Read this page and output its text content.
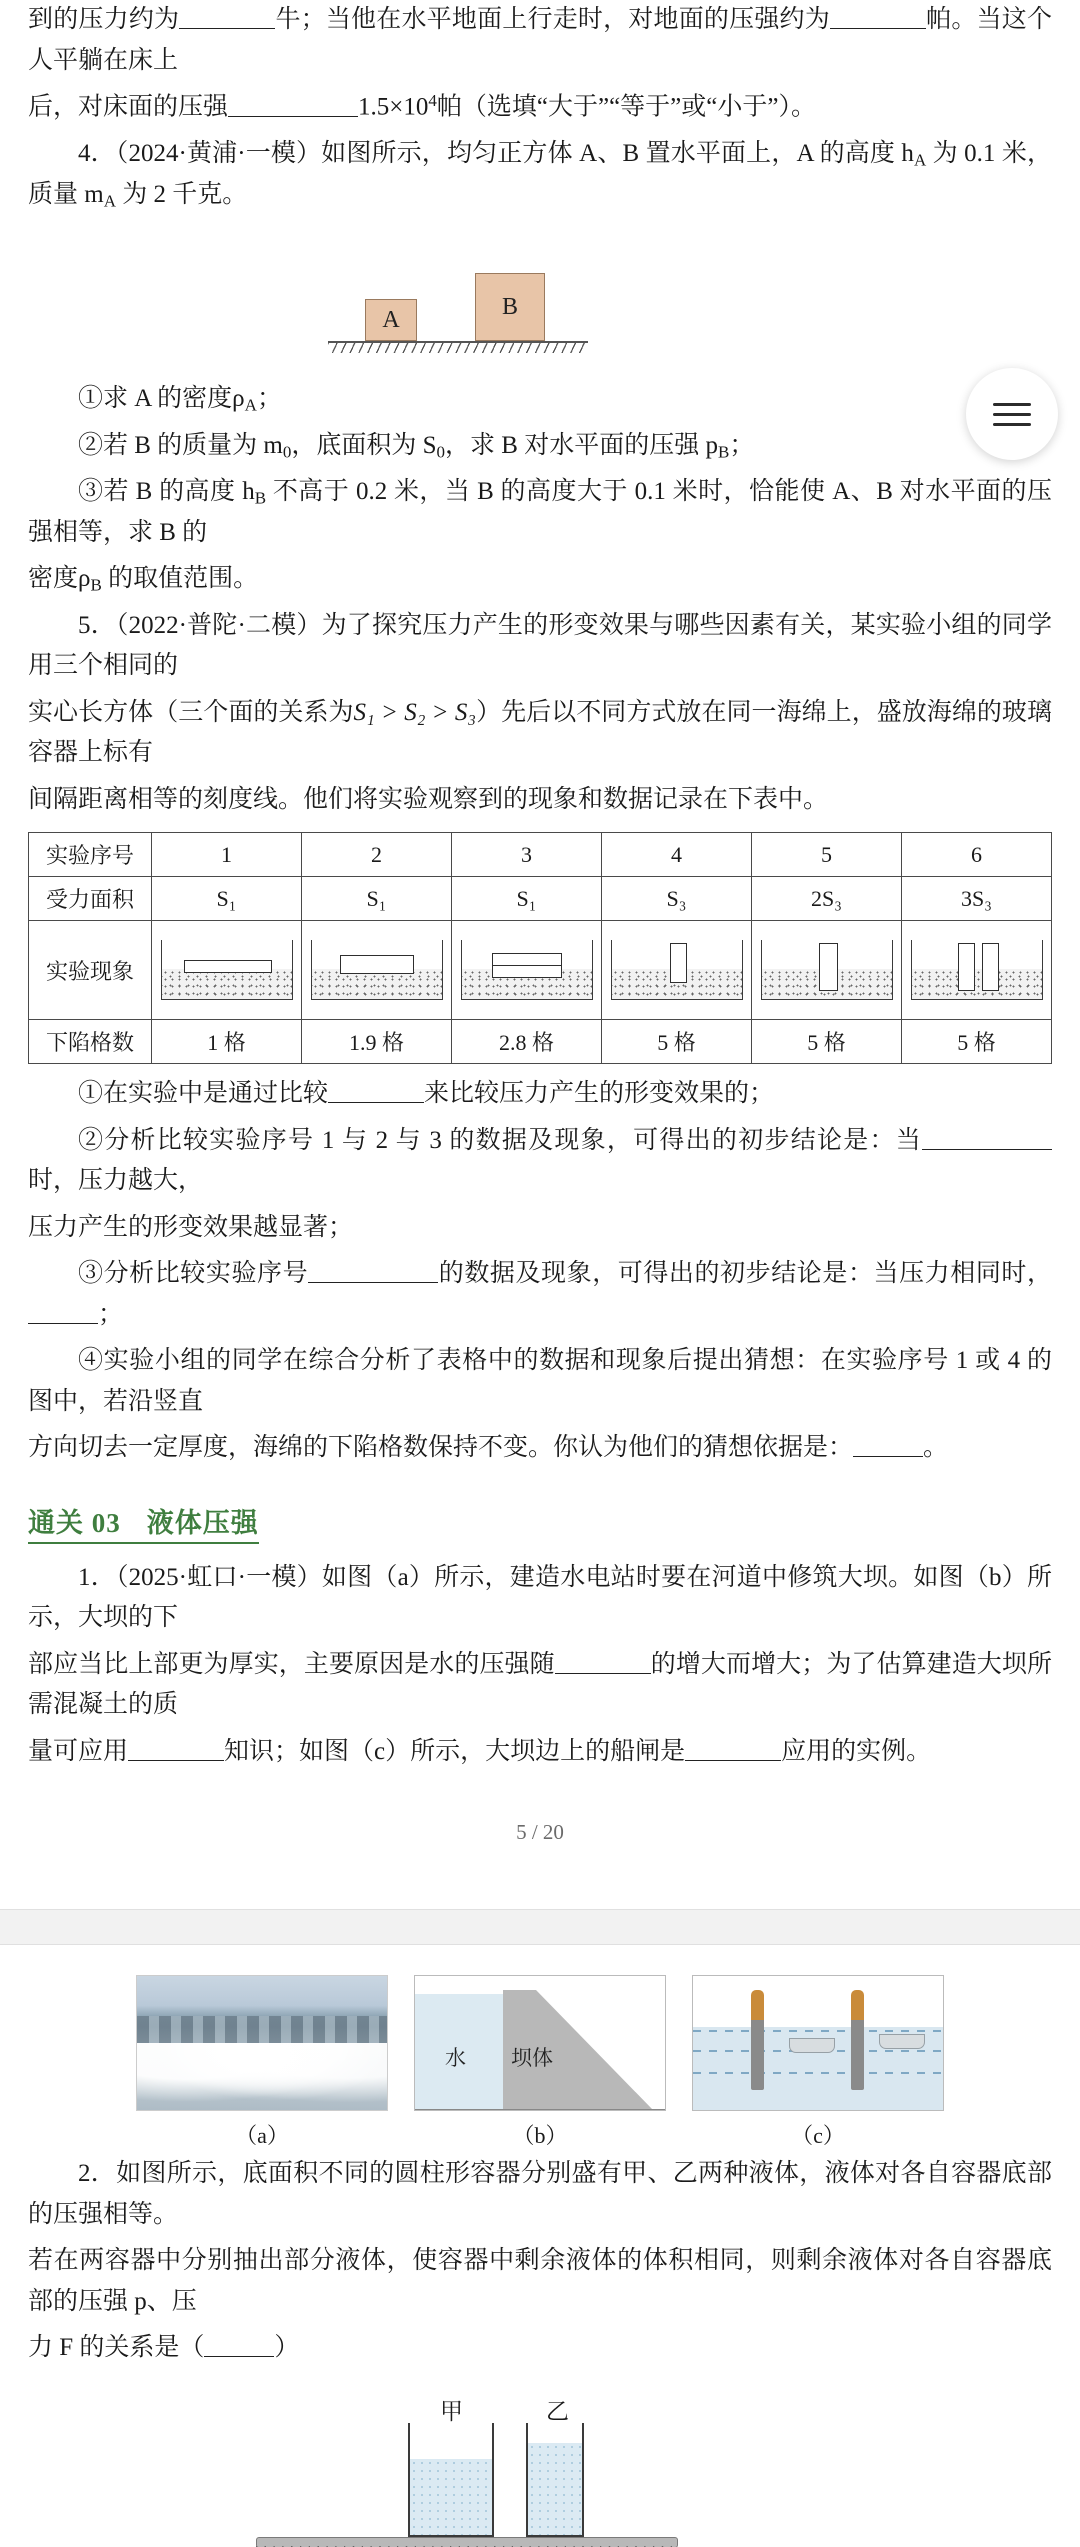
到的压力约为	牛；当他在水平地面上行走时，对地面的压强约为	帕。当这个人平躺在床上

后，对床面的压强	$1.5\times 10^4$帕（选填“大于”“等于”或“小于”）。

4．（2024·黄浦·一模）如图所示，均匀正方体 A、B 置水平面上，A 的高度 $h_A$ 为 0.1 米，质量 $m_A$ 为 2 千克。

A	B

①求 A 的密度$\rho_A$；

②若 B 的质量为 $m_0$，底面积为 $S_0$，求 B 对水平面的压强 $p_B$；

③若 B 的高度 $h_B$ 不高于 0.2 米，当 B 的高度大于 0.1 米时，恰能使 A、B 对水平面的压强相等，求 B 的

密度$\rho_B$ 的取值范围。

5．（2022·普陀·二模）为了探究压力产生的形变效果与哪些因素有关，某实验小组的同学用三个相同的

实心长方体（三个面的关系为S₁ > S₂ > S₃）先后以不同方式放在同一海绵上，盛放海绵的玻璃容器上标有

间隔距离相等的刻度线。他们将实验观察到的现象和数据记录在下表中。

实验序号	1	2	3	4	5	6
受力面积	S₁	S₁	S₁	S₃	2S₃	3S₃
实验现象	

下陷格数	1 格	1.9 格	2.8 格	5 格	5 格	5 格

①在实验中是通过比较	来比较压力产生的形变效果的；

②分析比较实验序号 1 与 2 与 3 的数据及现象，可得出的初步结论是：当时，压力越大，

压力产生的形变效果越显著；

③分析比较实验序号	的数据及现象，可得出的初步结论是：当压力相同时，；

④实验小组的同学在综合分析了表格中的数据和现象后提出猜想：在实验序号 1 或 4 的图中，若沿竖直

方向切去一定厚度，海绵的下陷格数保持不变。你认为他们的猜想依据是：	。

通关 03 液体压强

1．（2025·虹口·一模）如图（a）所示，建造水电站时要在河道中修筑大坝。如图（b）所示，大坝的下

部应当比上部更为厚实，主要原因是水的压强随	的增大而增大；为了估算建造大坝所需混凝土的质

量可应用	知识；如图（c）所示，大坝边上的船闸是	应用的实例。

5 / 20
（a）
水 坝体
（b）	（c）

2．如图所示，底面积不同的圆柱形容器分别盛有甲、乙两种液体，液体对各自容器底部的压强相等。

若在两容器中分别抽出部分液体，使容器中剩余液体的体积相同，则剩余液体对各自容器底部的压强 p、压

力 F 的关系是（	）

甲	乙
